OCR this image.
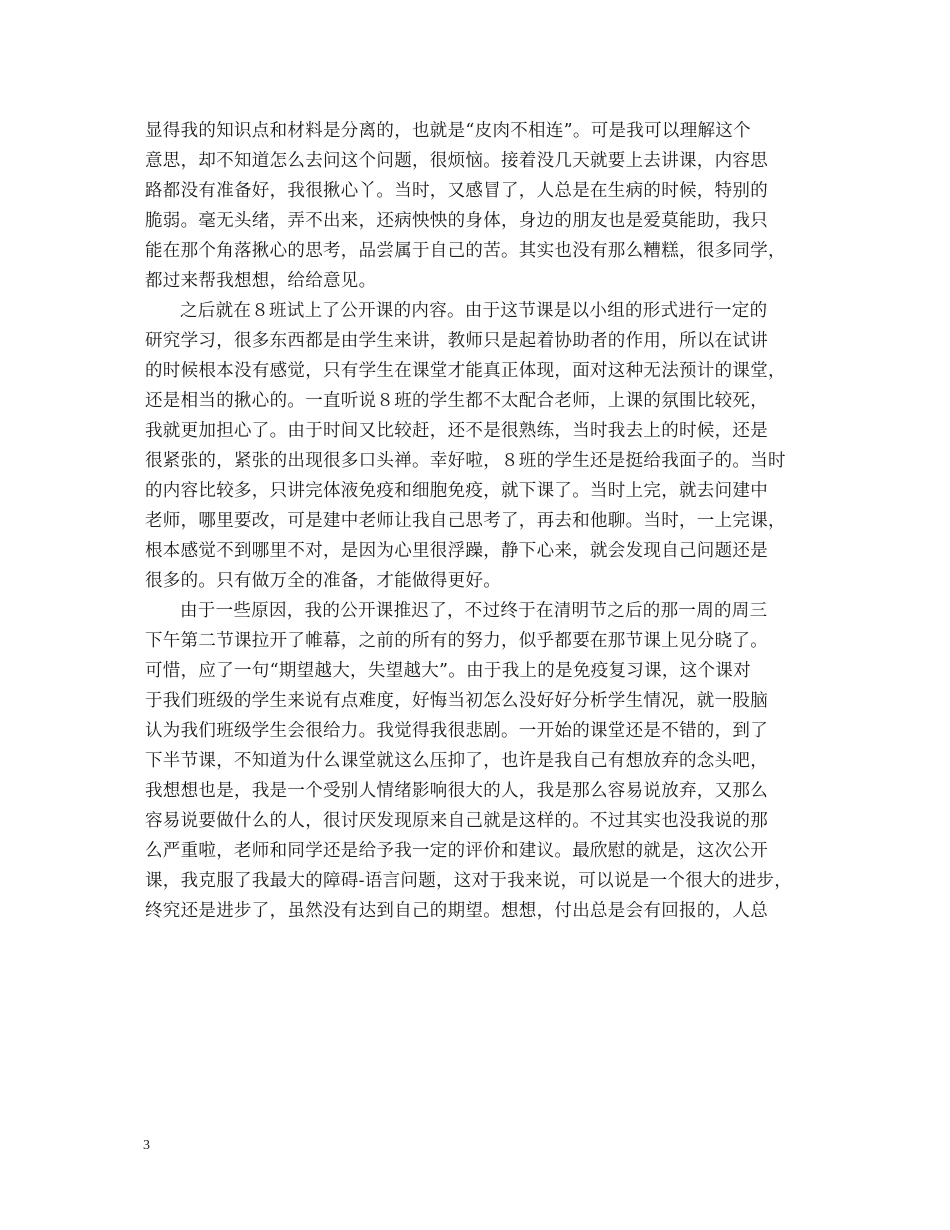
显得我的知识点和材料是分离的，也就是“皮肉不相连”。可是我可以理解这个
意思，却不知道怎么去问这个问题，很烦恼。接着没几天就要上去讲课，内容思
路都没有准备好，我很揪心丫。当时，又感冒了，人总是在生病的时候，特别的
脆弱。毫无头绪，弄不出来，还病怏怏的身体，身边的朋友也是爱莫能助，我只
能在那个角落揪心的思考，品尝属于自己的苦。其实也没有那么糟糕，很多同学，
都过来帮我想想，给给意见。
之后就在８班试上了公开课的内容。由于这节课是以小组的形式进行一定的
研究学习，很多东西都是由学生来讲，教师只是起着协助者的作用，所以在试讲
的时候根本没有感觉，只有学生在课堂才能真正体现，面对这种无法预计的课堂，
还是相当的揪心的。一直听说８班的学生都不太配合老师，上课的氛围比较死，
我就更加担心了。由于时间又比较赶，还不是很熟练，当时我去上的时候，还是
很紧张的，紧张的出现很多口头禅。幸好啦，８班的学生还是挺给我面子的。当时
的内容比较多，只讲完体液免疫和细胞免疫，就下课了。当时上完，就去问建中
老师，哪里要改，可是建中老师让我自己思考了，再去和他聊。当时，一上完课，
根本感觉不到哪里不对，是因为心里很浮躁，静下心来，就会发现自己问题还是
很多的。只有做万全的准备，才能做得更好。
由于一些原因，我的公开课推迟了，不过终于在清明节之后的那一周的周三
下午第二节课拉开了帷幕，之前的所有的努力，似乎都要在那节课上见分晓了。
可惜，应了一句“期望越大，失望越大”。由于我上的是免疫复习课，这个课对
于我们班级的学生来说有点难度，好悔当初怎么没好好分析学生情况，就一股脑
认为我们班级学生会很给力。我觉得我很悲剧。一开始的课堂还是不错的，到了
下半节课，不知道为什么课堂就这么压抑了，也许是我自己有想放弃的念头吧，
我想想也是，我是一个受别人情绪影响很大的人，我是那么容易说放弃，又那么
容易说要做什么的人，很讨厌发现原来自己就是这样的。不过其实也没我说的那
么严重啦，老师和同学还是给予我一定的评价和建议。最欣慰的就是，这次公开
课，我克服了我最大的障碍-语言问题，这对于我来说，可以说是一个很大的进步，
终究还是进步了，虽然没有达到自己的期望。想想，付出总是会有回报的，人总
3
